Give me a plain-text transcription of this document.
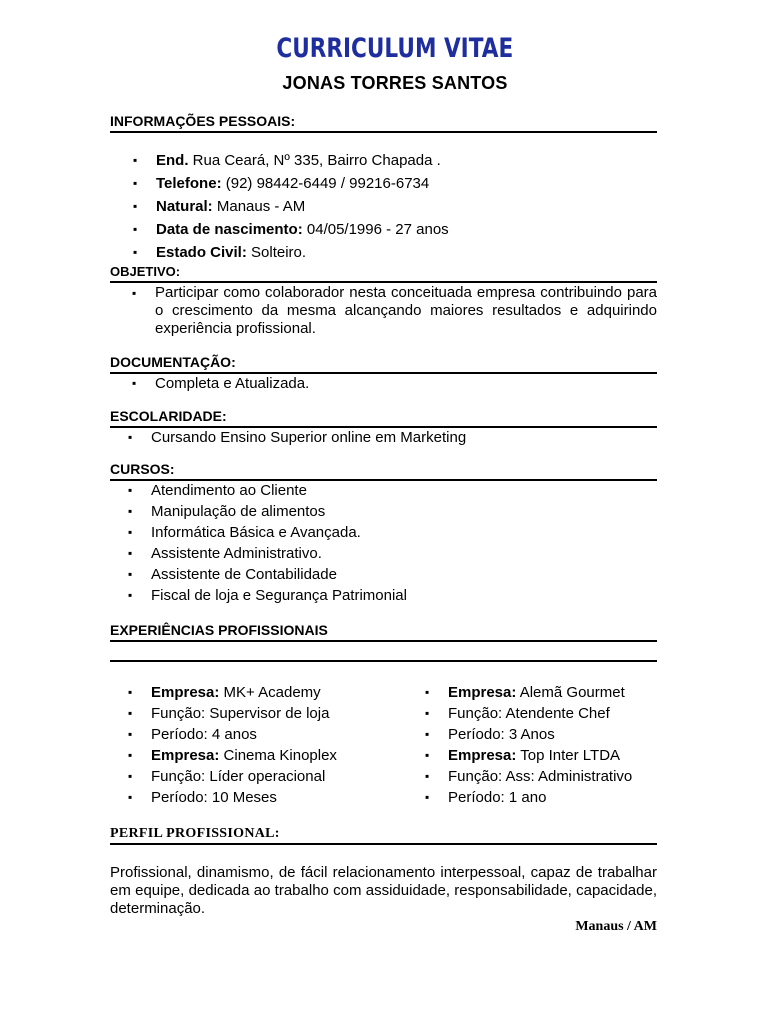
CURRICULUM VITAE
JONAS TORRES SANTOS
INFORMAÇÕES PESSOAIS:
▪ End. Rua Ceará, Nº 335, Bairro Chapada .
▪ Telefone: (92) 98442-6449 / 99216-6734
▪ Natural: Manaus - AM
▪ Data de nascimento: 04/05/1996 - 27 anos
▪ Estado Civil: Solteiro.
OBJETIVO:
▪ Participar como colaborador nesta conceituada empresa contribuindo para o crescimento da mesma alcançando maiores resultados e adquirindo experiência profissional.
DOCUMENTAÇÃO:
▪ Completa e Atualizada.
ESCOLARIDADE:
▪ Cursando Ensino Superior online em Marketing
CURSOS:
▪ Atendimento ao Cliente
▪ Manipulação de alimentos
▪ Informática Básica e Avançada.
▪ Assistente Administrativo.
▪ Assistente de Contabilidade
▪ Fiscal de loja e Segurança Patrimonial
EXPERIÊNCIAS PROFISSIONAIS
▪ Empresa: MK+ Academy
▪ Função: Supervisor de loja
▪ Período: 4 anos
▪ Empresa: Cinema Kinoplex
▪ Função: Líder operacional
▪ Período: 10 Meses
▪ Empresa: Alemã Gourmet
▪ Função: Atendente Chef
▪ Período: 3 Anos
▪ Empresa: Top Inter LTDA
▪ Função: Ass: Administrativo
▪ Período: 1 ano
PERFIL PROFISSIONAL:
Profissional, dinamismo, de fácil relacionamento interpessoal, capaz de trabalhar em equipe, dedicada ao trabalho com assiduidade, responsabilidade, capacidade, determinação.
Manaus / AM
